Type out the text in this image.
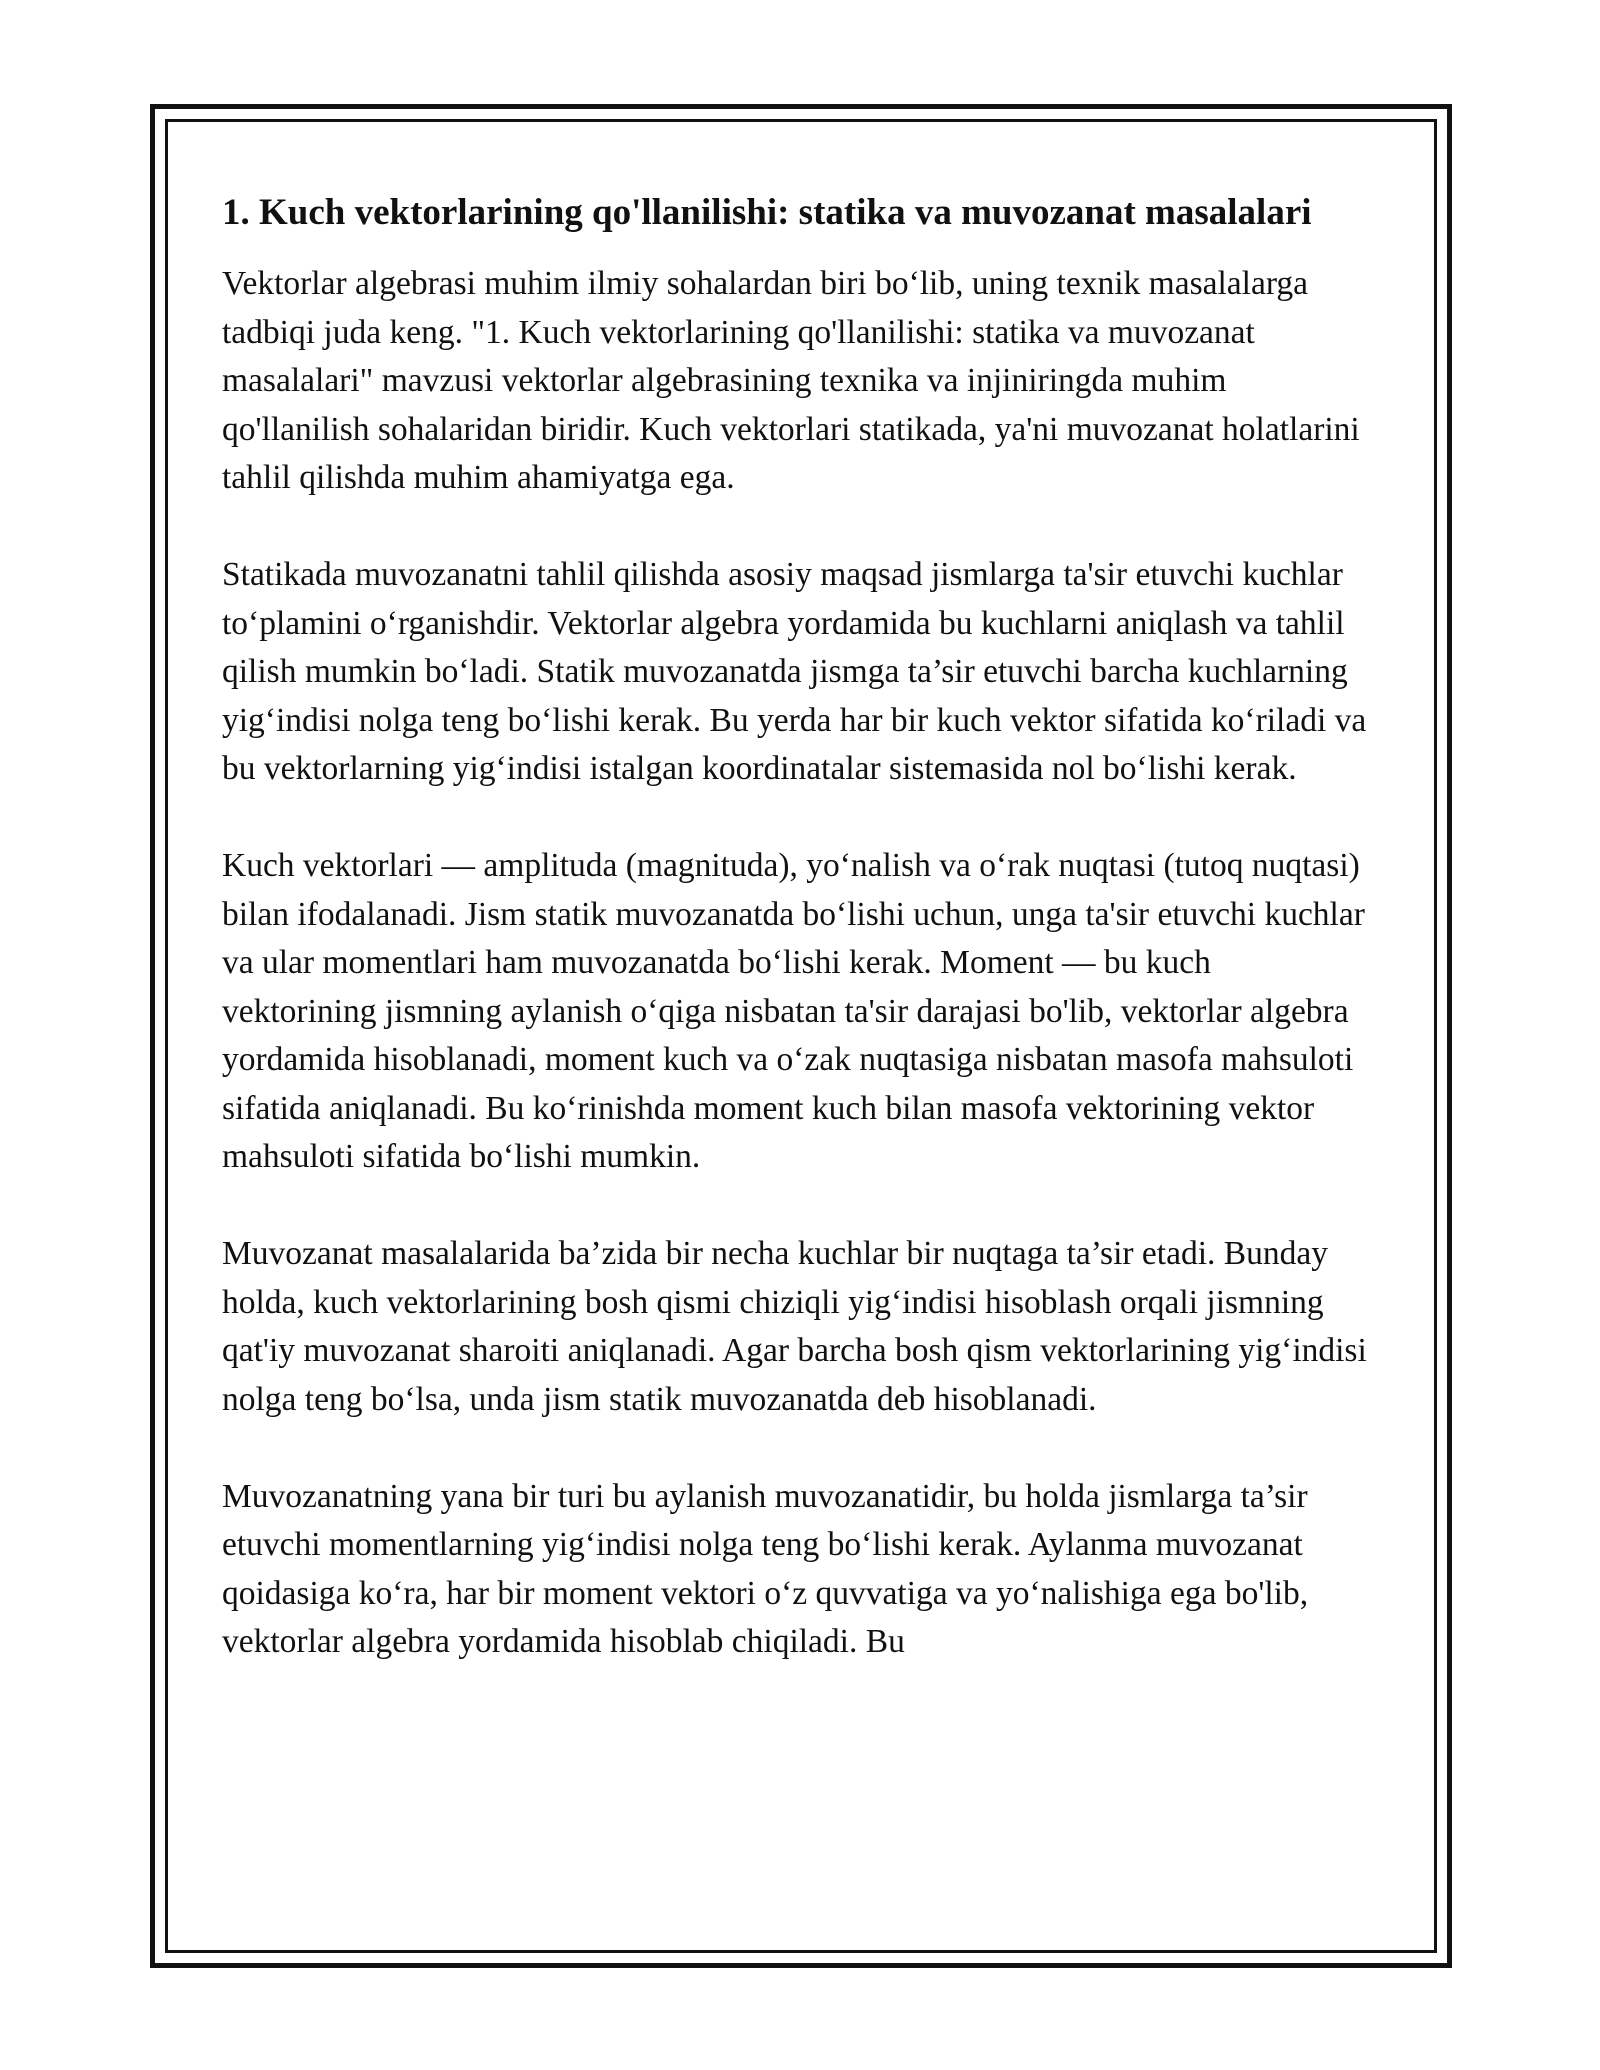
1. Kuch vektorlarining qo'llanilishi: statika va muvozanat masalalari

Vektorlar algebrasi muhim ilmiy sohalardan biri bo‘lib, uning texnik masalalarga tadbiqi juda keng. "1. Kuch vektorlarining qo'llanilishi: statika va muvozanat masalalari" mavzusi vektorlar algebrasining texnika va injiniringda muhim qo'llanilish sohalaridan biridir. Kuch vektorlari statikada, ya'ni muvozanat holatlarini tahlil qilishda muhim ahamiyatga ega.

Statikada muvozanatni tahlil qilishda asosiy maqsad jismlarga ta'sir etuvchi kuchlar to‘plamini o‘rganishdir. Vektorlar algebra yordamida bu kuchlarni aniqlash va tahlil qilish mumkin bo‘ladi. Statik muvozanatda jismga ta’sir etuvchi barcha kuchlarning yig‘indisi nolga teng bo‘lishi kerak. Bu yerda har bir kuch vektor sifatida ko‘riladi va bu vektorlarning yig‘indisi istalgan koordinatalar sistemasida nol bo‘lishi kerak.

Kuch vektorlari — amplituda (magnituda), yo‘nalish va o‘rak nuqtasi (tutoq nuqtasi) bilan ifodalanadi. Jism statik muvozanatda bo‘lishi uchun, unga ta'sir etuvchi kuchlar va ular momentlari ham muvozanatda bo‘lishi kerak. Moment — bu kuch vektorining jismning aylanish o‘qiga nisbatan ta'sir darajasi bo'lib, vektorlar algebra yordamida hisoblanadi, moment kuch va o‘zak nuqtasiga nisbatan masofa mahsuloti sifatida aniqlanadi. Bu ko‘rinishda moment kuch bilan masofa vektorining vektor mahsuloti sifatida bo‘lishi mumkin.

Muvozanat masalalarida ba’zida bir necha kuchlar bir nuqtaga ta’sir etadi. Bunday holda, kuch vektorlarining bosh qismi chiziqli yig‘indisi hisoblash orqali jismning qat'iy muvozanat sharoiti aniqlanadi. Agar barcha bosh qism vektorlarining yig‘indisi nolga teng bo‘lsa, unda jism statik muvozanatda deb hisoblanadi.

Muvozanatning yana bir turi bu aylanish muvozanatidir, bu holda jismlarga ta’sir etuvchi momentlarning yig‘indisi nolga teng bo‘lishi kerak. Aylanma muvozanat qoidasiga ko‘ra, har bir moment vektori o‘z quvvatiga va yo‘nalishiga ega bo'lib, vektorlar algebra yordamida hisoblab chiqiladi. Bu
